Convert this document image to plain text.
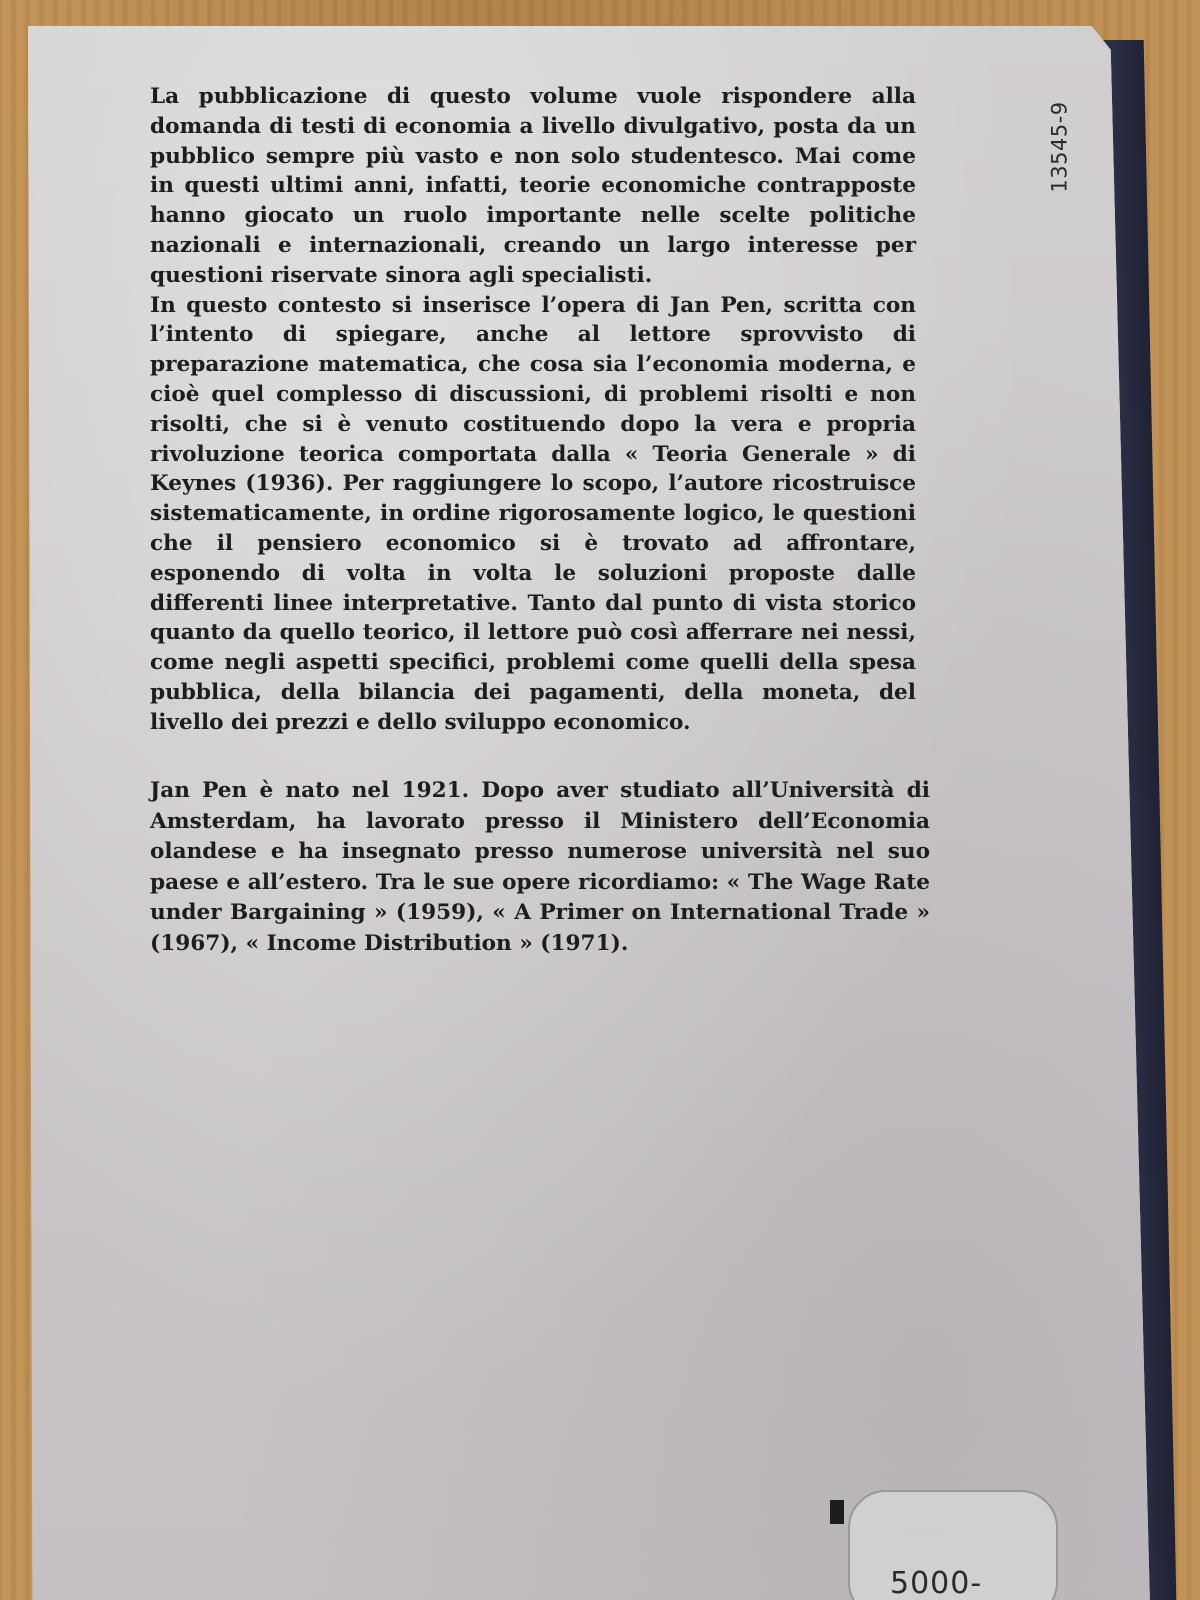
13545-9

La pubblicazione di questo volume vuole rispondere alla domanda di testi di economia a livello divulgativo, posta da un pubblico sempre più vasto e non solo studentesco. Mai come in questi ultimi anni, infatti, teorie economiche contrapposte hanno giocato un ruolo importante nelle scelte politiche nazionali e internazionali, creando un largo interesse per questioni riservate sinora agli specialisti.

In questo contesto si inserisce l’opera di Jan Pen, scritta con l’intento di spiegare, anche al lettore sprovvisto di preparazione matematica, che cosa sia l’economia moderna, e cioè quel complesso di discussioni, di problemi risolti e non risolti, che si è venuto costituendo dopo la vera e propria rivoluzione teorica comportata dalla « Teoria Generale » di Keynes (1936). Per raggiungere lo scopo, l’autore ricostruisce sistematicamente, in ordine rigorosamente logico, le questioni che il pensiero economico si è trovato ad affrontare, esponendo di volta in volta le soluzioni proposte dalle differenti linee interpretative. Tanto dal punto di vista storico quanto da quello teorico, il lettore può così afferrare nei nessi, come negli aspetti specifici, problemi come quelli della spesa pubblica, della bilancia dei pagamenti, della moneta, del livello dei prezzi e dello sviluppo economico.

Jan Pen è nato nel 1921. Dopo aver studiato all’Università di Amsterdam, ha lavorato presso il Ministero dell’Economia olandese e ha insegnato presso numerose università nel suo paese e all’estero. Tra le sue opere ricordiamo: « The Wage Rate under Bargaining » (1959), « A Primer on International Trade » (1967), « Income Distribution » (1971).

5000-
